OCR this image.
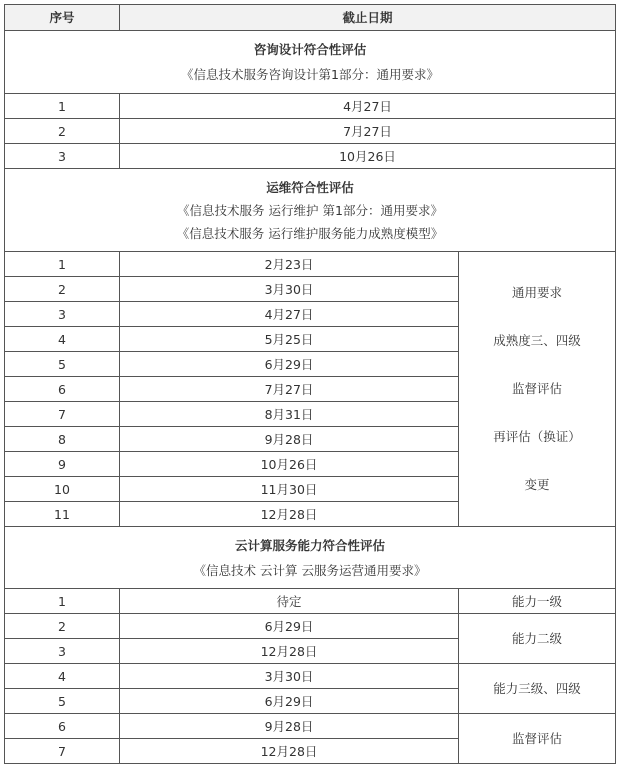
序号	截止日期	

咨询设计符合性评估
《信息技术服务咨询设计第1部分：通用要求》		

1	4月27日	
2	7月27日	
3	10月26日	

运维符合性评估
《信息技术服务 运行维护 第1部分：通用要求》
《信息技术服务 运行维护服务能力成熟度模型》		

1	2月23日	通用要求
成熟度三、四级
监督评估
再评估（换证）
变更

2	3月30日	
3	4月27日	
4	5月25日	
5	6月29日	
6	7月27日	
7	8月31日	
8	9月28日	
9	10月26日	
10	11月30日	
11	12月28日	

云计算服务能力符合性评估
《信息技术 云计算 云服务运营通用要求》		

1	待定	能力一级
2	6月29日	能力二级
3	12月28日	
4	3月30日	能力三级、四级
5	6月29日	
6	9月28日	监督评估
7	12月28日	
